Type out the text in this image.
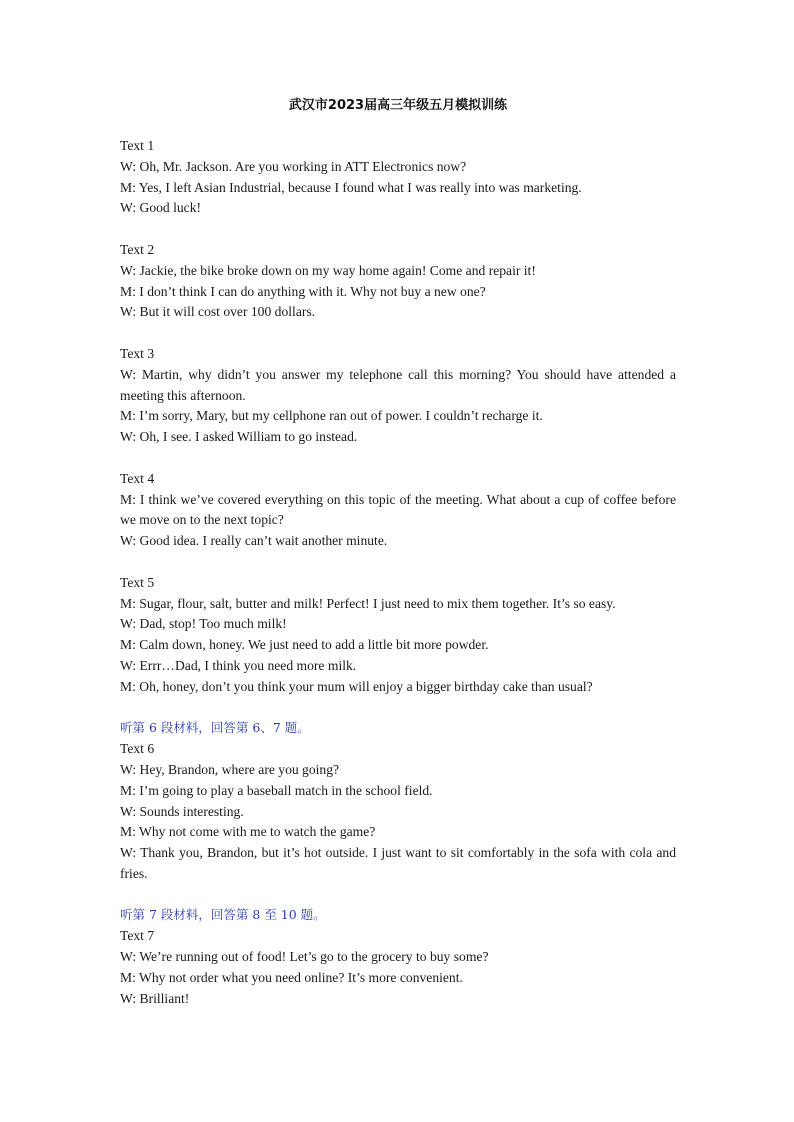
武汉市2023届高三年级五月模拟训练
Text 1
W: Oh, Mr. Jackson. Are you working in ATT Electronics now?
M: Yes, I left Asian Industrial, because I found what I was really into was marketing.
W: Good luck!
Text 2
W: Jackie, the bike broke down on my way home again! Come and repair it!
M: I don’t think I can do anything with it. Why not buy a new one?
W: But it will cost over 100 dollars.
Text 3
W: Martin, why didn’t you answer my telephone call this morning? You should have attended a meeting this afternoon.
M: I’m sorry, Mary, but my cellphone ran out of power. I couldn’t recharge it.
W: Oh, I see. I asked William to go instead.
Text 4
M: I think we’ve covered everything on this topic of the meeting. What about a cup of coffee before we move on to the next topic?
W: Good idea. I really can’t wait another minute.
Text 5
M: Sugar, flour, salt, butter and milk! Perfect! I just need to mix them together. It’s so easy.
W: Dad, stop! Too much milk!
M: Calm down, honey. We just need to add a little bit more powder.
W: Errr…Dad, I think you need more milk.
M: Oh, honey, don’t you think your mum will enjoy a bigger birthday cake than usual?
听第 6 段材料，回答第 6、7 题。
Text 6
W: Hey, Brandon, where are you going?
M: I’m going to play a baseball match in the school field.
W: Sounds interesting.
M: Why not come with me to watch the game?
W: Thank you, Brandon, but it’s hot outside. I just want to sit comfortably in the sofa with cola and fries.
听第 7 段材料，回答第 8 至 10 题。
Text 7
W: We’re running out of food! Let’s go to the grocery to buy some?
M: Why not order what you need online? It’s more convenient.
W: Brilliant!
